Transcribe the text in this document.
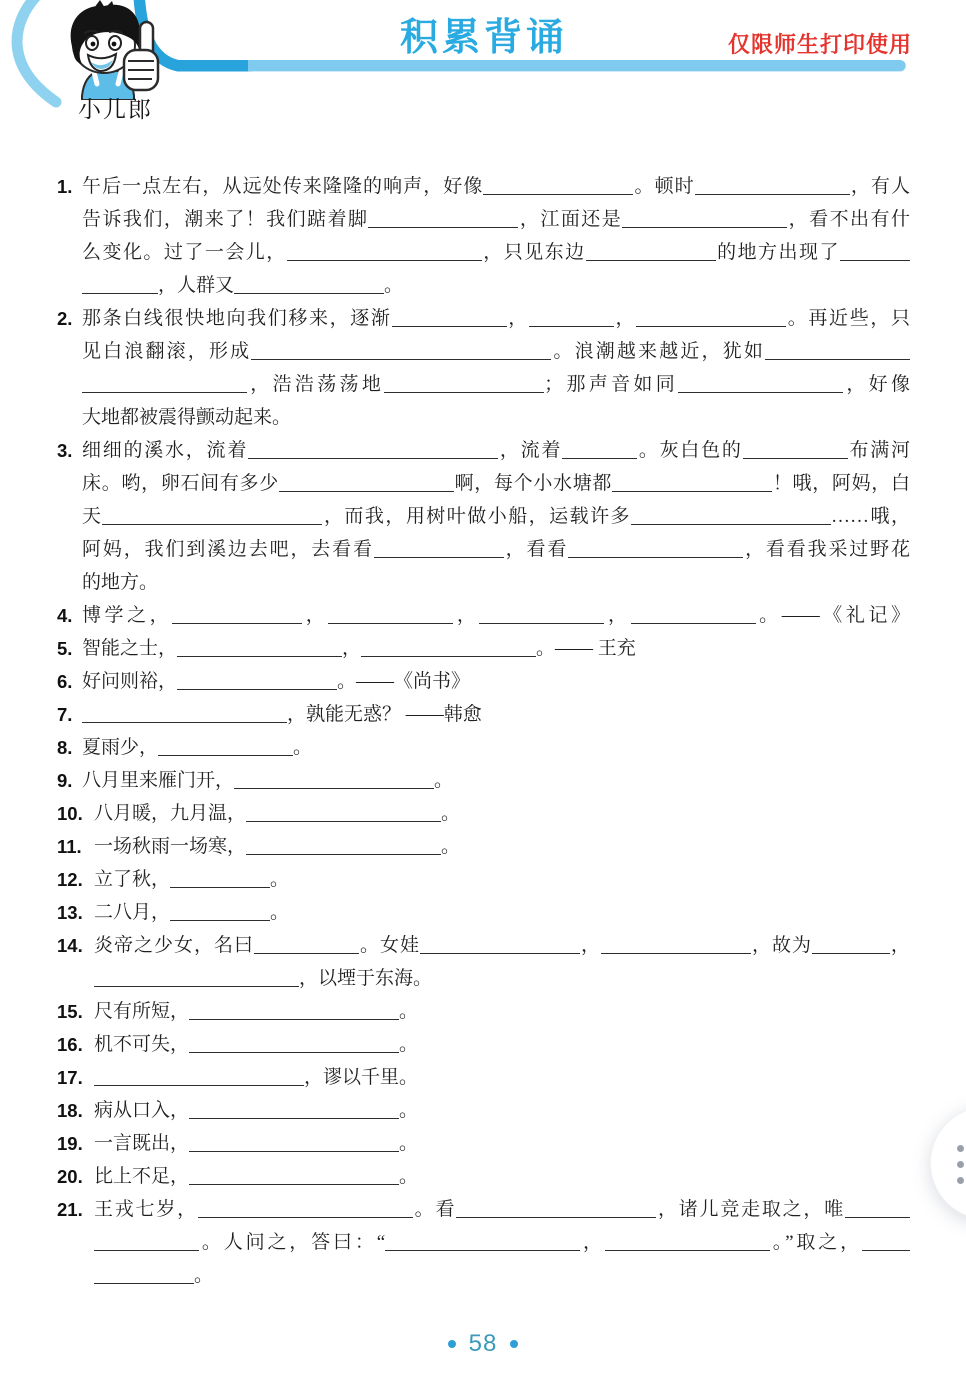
小儿郎
积累背诵	仅限师生打印使用
1. 午后一点左右，从远处传来隆隆的响声，好像	。顿时	，有人
告诉我们，潮来了！我们踮着脚	，江面还是	，看不出有什
么变化。过了一会儿，	，只见东边	的地方出现了
，人群又	。
2. 那条白线很快地向我们移来，逐渐	，	，	。再近些，只
见白浪翻滚，形成	。浪潮越来越近，犹如
，浩浩荡荡地	；那声音如同	，好像
大地都被震得颤动起来。
3. 细细的溪水，流着	，流着	。灰白色的	布满河
床。哟，卵石间有多少	啊，每个小水塘都	！哦，阿妈，白
天	，而我，用树叶做小船，运载许多	……哦，
阿妈，我们到溪边去吧，去看看	，看看	，看看我采过野花
的地方。
4. 博学之，	，	，	，	。——《礼记》
5. 智能之士，	，	。—— 王充
6. 好问则裕，	。——《尚书》
7.	，孰能无惑？ ——韩愈
8. 夏雨少，	。
9. 八月里来雁门开，	。
10. 八月暖，九月温，	。
11. 一场秋雨一场寒，	。
12. 立了秋，	。
13. 二八月，	。
14. 炎帝之少女，名曰	。女娃	，	，故为	，
，以堙于东海。
15. 尺有所短，	。
16. 机不可失，	。
17.	，谬以千里。
18. 病从口入，	。
19. 一言既出，	。
20. 比上不足，	。
21. 王戎七岁，	。看	，诸儿竞走取之，唯
。人问之，答曰：“	，	。”取之，
。
58
